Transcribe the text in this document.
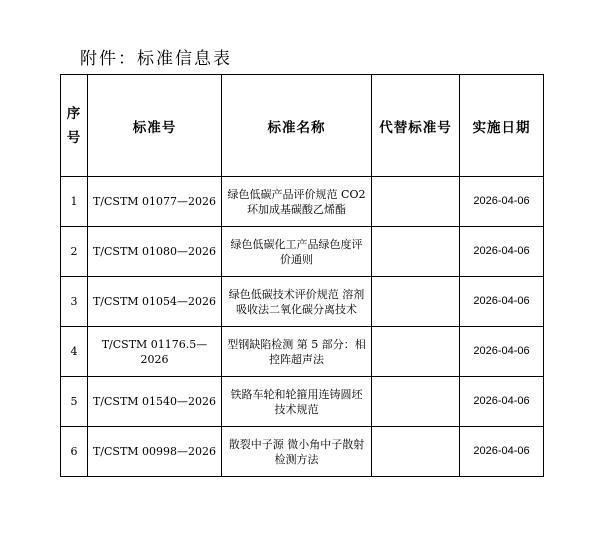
附件：标准信息表
序
号	标准号	标准名称	代替标准号	实施日期
1	T/CSTM 01077—2026	绿色低碳产品评价规范 CO2 环加成基碳酸乙烯酯		2026-04-06
2	T/CSTM 01080—2026	绿色低碳化工产品绿色度评价通则		2026-04-06
3	T/CSTM 01054—2026	绿色低碳技术评价规范 溶剂吸收法二氧化碳分离技术		2026-04-06
4	T/CSTM 01176.5—2026	型钢缺陷检测 第 5 部分：相控阵超声法		2026-04-06
5	T/CSTM 01540—2026	铁路车轮和轮箍用连铸圆坯 技术规范		2026-04-06
6	T/CSTM 00998—2026	散裂中子源 微小角中子散射检测方法		2026-04-06
